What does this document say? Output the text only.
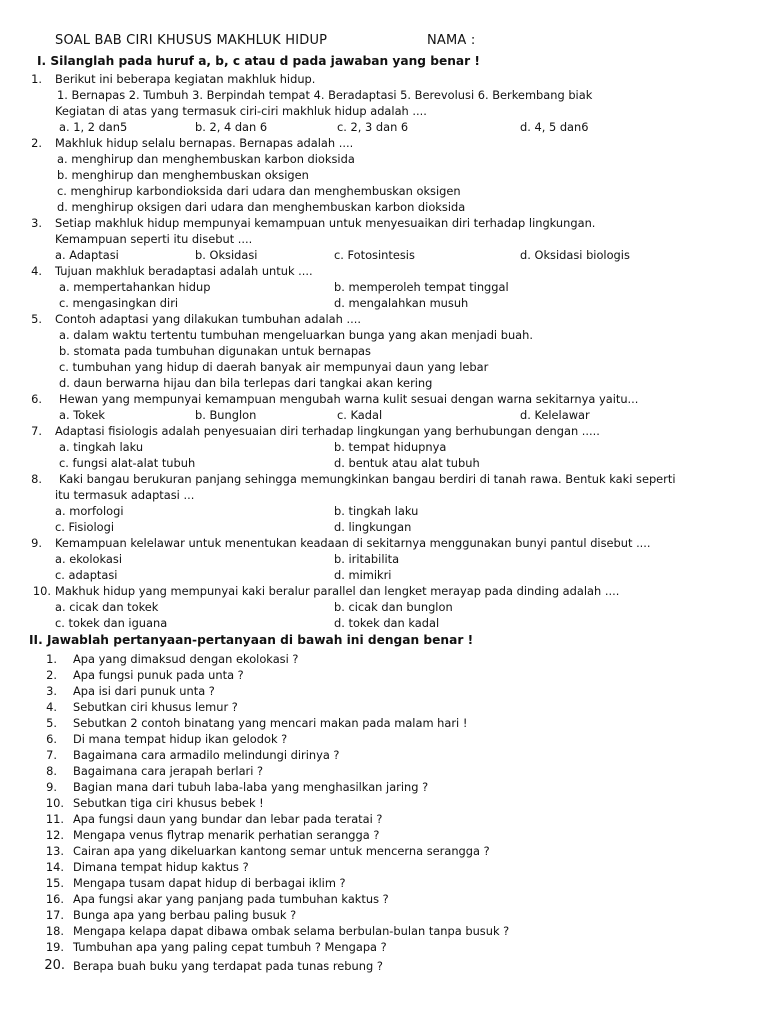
SOAL BAB CIRI KHUSUS MAKHLUK HIDUP	NAMA :
I. Silanglah pada huruf a, b, c atau d pada jawaban yang benar !
1. Berikut ini beberapa kegiatan makhluk hidup.
1. Bernapas 2. Tumbuh 3. Berpindah tempat 4. Beradaptasi 5. Berevolusi 6. Berkembang biak
Kegiatan di atas yang termasuk ciri-ciri makhluk hidup adalah ....
a. 1, 2 dan5	b. 2, 4 dan 6	c. 2, 3 dan 6	d. 4, 5 dan6
2. Makhluk hidup selalu bernapas. Bernapas adalah ....
a. menghirup dan menghembuskan karbon dioksida
b. menghirup dan menghembuskan oksigen
c. menghirup karbondioksida dari udara dan menghembuskan oksigen
d. menghirup oksigen dari udara dan menghembuskan karbon dioksida
3. Setiap makhluk hidup mempunyai kemampuan untuk menyesuaikan diri terhadap lingkungan.
Kemampuan seperti itu disebut ....
a. Adaptasi	b. Oksidasi	c. Fotosintesis	d. Oksidasi biologis
4. Tujuan makhluk beradaptasi adalah untuk ....
a. mempertahankan hidup	b. memperoleh tempat tinggal
c. mengasingkan diri	d. mengalahkan musuh
5. Contoh adaptasi yang dilakukan tumbuhan adalah ....
a. dalam waktu tertentu tumbuhan mengeluarkan bunga yang akan menjadi buah.
b. stomata pada tumbuhan digunakan untuk bernapas
c. tumbuhan yang hidup di daerah banyak air mempunyai daun yang lebar
d. daun berwarna hijau dan bila terlepas dari tangkai akan kering
6. Hewan yang mempunyai kemampuan mengubah warna kulit sesuai dengan warna sekitarnya yaitu...
a. Tokek	b. Bunglon	c. Kadal	d. Kelelawar
7. Adaptasi fisiologis adalah penyesuaian diri terhadap lingkungan yang berhubungan dengan .....
a. tingkah laku	b. tempat hidupnya
c. fungsi alat-alat tubuh	d. bentuk atau alat tubuh
8. Kaki bangau berukuran panjang sehingga memungkinkan bangau berdiri di tanah rawa. Bentuk kaki seperti
itu termasuk adaptasi ...
a. morfologi	b. tingkah laku
c. Fisiologi	d. lingkungan
9. Kemampuan kelelawar untuk menentukan keadaan di sekitarnya menggunakan bunyi pantul disebut ....
a. ekolokasi	b. iritabilita
c. adaptasi	d. mimikri
10. Makhuk hidup yang mempunyai kaki beralur parallel dan lengket merayap pada dinding adalah ....
a. cicak dan tokek	b. cicak dan bunglon
c. tokek dan iguana	d. tokek dan kadal
II. Jawablah pertanyaan-pertanyaan di bawah ini dengan benar !
1. Apa yang dimaksud dengan ekolokasi ?
2. Apa fungsi punuk pada unta ?
3. Apa isi dari punuk unta ?
4. Sebutkan ciri khusus lemur ?
5. Sebutkan 2 contoh binatang yang mencari makan pada malam hari !
6. Di mana tempat hidup ikan gelodok ?
7. Bagaimana cara armadilo melindungi dirinya ?
8. Bagaimana cara jerapah berlari ?
9. Bagian mana dari tubuh laba-laba yang menghasilkan jaring ?
10. Sebutkan tiga ciri khusus bebek !
11. Apa fungsi daun yang bundar dan lebar pada teratai ?
12. Mengapa venus flytrap menarik perhatian serangga ?
13. Cairan apa yang dikeluarkan kantong semar untuk mencerna serangga ?
14. Dimana tempat hidup kaktus ?
15. Mengapa tusam dapat hidup di berbagai iklim ?
16. Apa fungsi akar yang panjang pada tumbuhan kaktus ?
17. Bunga apa yang berbau paling busuk ?
18. Mengapa kelapa dapat dibawa ombak selama berbulan-bulan tanpa busuk ?
19. Tumbuhan apa yang paling cepat tumbuh ? Mengapa ?
20. Berapa buah buku yang terdapat pada tunas rebung ?
